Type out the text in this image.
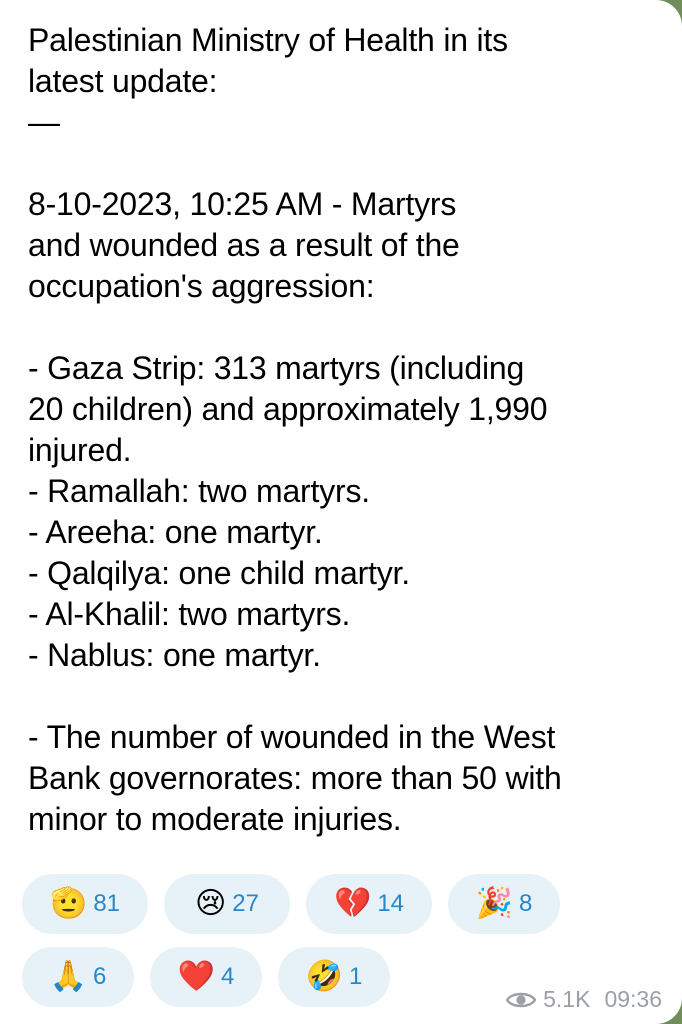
Palestinian Ministry of Health in its
latest update:
—
8-10-2023, 10:25 AM - Martyrs
and wounded as a result of the
occupation's aggression:
- Gaza Strip: 313 martyrs (including
20 children) and approximately 1,990
injured.
- Ramallah: two martyrs.
- Areeha: one martyr.
- Qalqilya: one child martyr.
- Al-Khalil: two martyrs.
- Nablus: one martyr.
- The number of wounded in the West
Bank governorates: more than 50 with
minor to moderate injuries.
🫡 81 😢 27 💔 14 🎉 8
🙏 6 ❤️ 4 🤣 1
5.1K 09:36
